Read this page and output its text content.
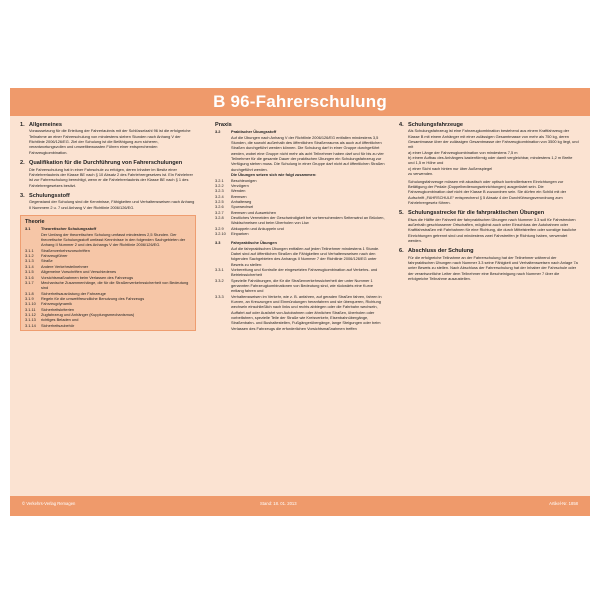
B 96-Fahrerschulung
1. Allgemeines
Voraussetzung für die Erteilung der Fahrerlaubnis mit der Schlüsselzahl 96 ist die erfolgreiche Teilnahme an einer Fahrerschulung von mindestens sieben Stunden nach Anhang V der Richtlinie 2006/126/EG. Ziel der Schulung ist die Befähigung zum sicheren, verantwortungsvollen und umweltbewussten Führen einer entsprechenden Fahrzeugkombination.
2. Qualifikation für die Durchführung von Fahrerschulungen
Die Fahrerschulung hat in einer Fahrschule zu erfolgen, deren Inhaber im Besitz einer Fahrlehrerlaubnis der Klasse BE nach § 10 Absatz 2 des Fahrlehrergesetzes ist. Ein Fahrlehrer ist zur Fahrerschulung berechtigt, wenn er die Fahrlehrerlaubnis der Klasse BE nach § 1 des Fahrlehrergesetzes besitzt.
3. Schulungsstoff
Gegenstand der Schulung sind die Kenntnisse, Fähigkeiten und Verhaltensweisen nach Anhang II Nummern 2 u. 7 und Anhang V der Richtlinie 2006/126/EG.
Theorie
3.1	Theoretischer Schulungsstoff
Der Umfang der theoretischen Schulung umfasst mindestens 2,5 Stunden. Der theoretische Schulungsstoff umfasst Kenntnisse in den folgenden Sachgebieten der Anhang II Nummer 2 und des Anhangs V der Richtlinie 2006/126/EG.
3.1.1	Straßenverkehrsvorschriften
3.1.2	Fahrzeugführer
3.1.3	Straße
3.1.4	Andere Verkehrsteilnehmer
3.1.5	Allgemeine Vorschriften und Verschiedenes
3.1.6	Vorsichtsmaßnahmen beim Verlassen des Fahrzeugs
3.1.7	Mechanische Zusammenhänge, die für die Straßenverkehrssicherheit von Bedeutung sind
3.1.8	Sicherheitsausrüstung der Fahrzeuge
3.1.9	Regeln für die umweltfreundliche Benutzung des Fahrzeugs
3.1.10	Fahrzeugdynamik
3.1.11	Sicherheitskriterien
3.1.12	Zugfahrzeug und Anhänger (Kupplungsmechanismus)
3.1.13	richtiges Beladen und
3.1.14	Sicherheitszubehör
Praxis
3.2	Praktischer Übungsstoff
Auf die Übungen nach Anhang V der Richtlinie 2006/126/EG entfallen mindestens 3,5 Stunden, die sowohl außerhalb des öffentlichen Straßenraums als auch auf öffentlichen Straßen durchgeführt werden können. Die Schulung darf in einer Gruppe durchgeführt werden, wobei eine Gruppe nicht mehr als acht Teilnehmer haben darf und für bis zu vier Teilnehmer für die gesamte Dauer der praktischen Übungen ein Schulungsfahrzeug zur Verfügung stehen muss. Die Schulung in einer Gruppe darf nicht auf öffentlichen Straßen durchgeführt werden.
Die Übungen setzen sich wie folgt zusammen:
3.2.1	Beschleunigen
3.2.2	Verzögern
3.2.3	Wenden
3.2.4	Bremsen
3.2.5	Anhalteweg
3.2.6	Spurwechsel
3.2.7	Bremsen und Ausweichen
3.2.8	Deutliches Vermeiden der Geschwindigkeit bei vorherrschendem Seitenwind an Brücken, Waldschneisen und beim Überholen von Lkw
3.2.9	Abkuppeln und Ankuppeln und
3.2.10	Einparken
3.3	Fahrpraktische Übungen
Auf die fahrpraktischen Übungen entfallen auf jeden Teilnehmer mindestens 1 Stunde. Dabei sind auf öffentlichen Straßen die Fähigkeiten und Verhaltensweisen nach den folgenden Sachgebieten des Anhangs II Nummer 7 der Richtlinie 2006/126/EG unter Beweis zu stellen:
3.3.1	Vorbereitung und Kontrolle der eingesetzten Fahrzeugkombination auf Verkehrs- und Betriebssicherheit
3.3.2	Spezielle Fahrübungen, die für die Straßenverkehrssicherheit der unter Nummer 1 genannten Fahrzeugkombinationen von Bedeutung sind, wie rückwärts eine Kurve entlang fahren und
3.3.3	Verhaltensweisen im Verkehr, wie z. B. anfahren, auf geraden Straßen fahren, fahren in Kurven, an Kreuzungen und Einmündungen heranfahren und sie überqueren, Richtung wechseln einschließlich nach links und rechts abbiegen oder die Fahrbahn wechseln, Auffahrt auf oder Ausfahrt von Autobahnen oder ähnlichen Straßen, überholen oder vorbeifahren, spezielle Teile der Straße wie Kreisverkehr, Eisenbahnübergänge, Straßenbahn- und Bushaltestellen, Fußgängerübergänge, lange Steigungen oder beim Verlassen des Fahrzeugs die erforderlichen Vorsichtsmaßnahmen treffen
4. Schulungsfahrzeuge
Als Schulungsfahrzeug ist eine Fahrzeugkombination bestehend aus einem Kraftfahrzeug der Klasse B mit einem Anhänger mit einer zulässigen Gesamtmasse von mehr als 750 kg, deren Gesamtmasse über der zulässigen Gesamtmasse der Fahrzeugkombination von 3500 kg liegt, und mit
a) einer Länge der Fahrzeugkombination von mindestens 7,5 m
b) einem Aufbau des Anhängers kastenförmig oder damit vergleichbar, mindestens 1,2 m Breite und 1,5 m Höhe und
c) einer Sicht nach hinten nur über Außenspiegel
zu verwenden.
Schulungsfahrzeuge müssen mit akustisch oder optisch kontrollierbaren Einrichtungen zur Betätigung der Pedale (Doppelbedienungseinrichtungen) ausgerüstet sein. Die Fahrzeugkombination darf nicht der Klasse B zuzuordnen sein. Sie dürfen ein Schild mit der Aufschrift „FAHRSCHULE“ entsprechend § 5 Absatz 4 der Durchführungsverordnung zum Fahrlehrergesetz führen.
5. Schulungsstrecke für die fahrpraktischen Übungen
Etwa die Hälfte der Fahrzeit der fahrpraktischen Übungen nach Nummer 3.3 soll für Fahrstrecken außerhalb geschlossener Ortschaften, möglichst auch unter Einschluss der Autobahnen oder Kraftfahrstraßen mit Fahrbahnen für eine Richtung, die durch Mittelstreifen oder sonstige bauliche Einrichtungen getrennt sind und mindestens zwei Fahrstreifen je Richtung haben, verwendet werden.
6. Abschluss der Schulung
Für die erfolgreiche Teilnahme an der Fahrerschulung hat der Teilnehmer während der fahrpraktischen Übungen nach Nummer 3.3 seine Fähigkeit und Verhaltensweisen nach Anlage 7a unter Beweis zu stellen. Nach Abschluss der Fahrerschulung hat der Inhaber der Fahrschule oder der verantwortliche Leiter dem Teilnehmer eine Bescheinigung nach Nummer 7 über die erfolgreiche Teilnahme auszustellen.
© Verkehrs-Verlag Remagen	Stand: 18. 01. 2013	Artikel-Nr. 1858
